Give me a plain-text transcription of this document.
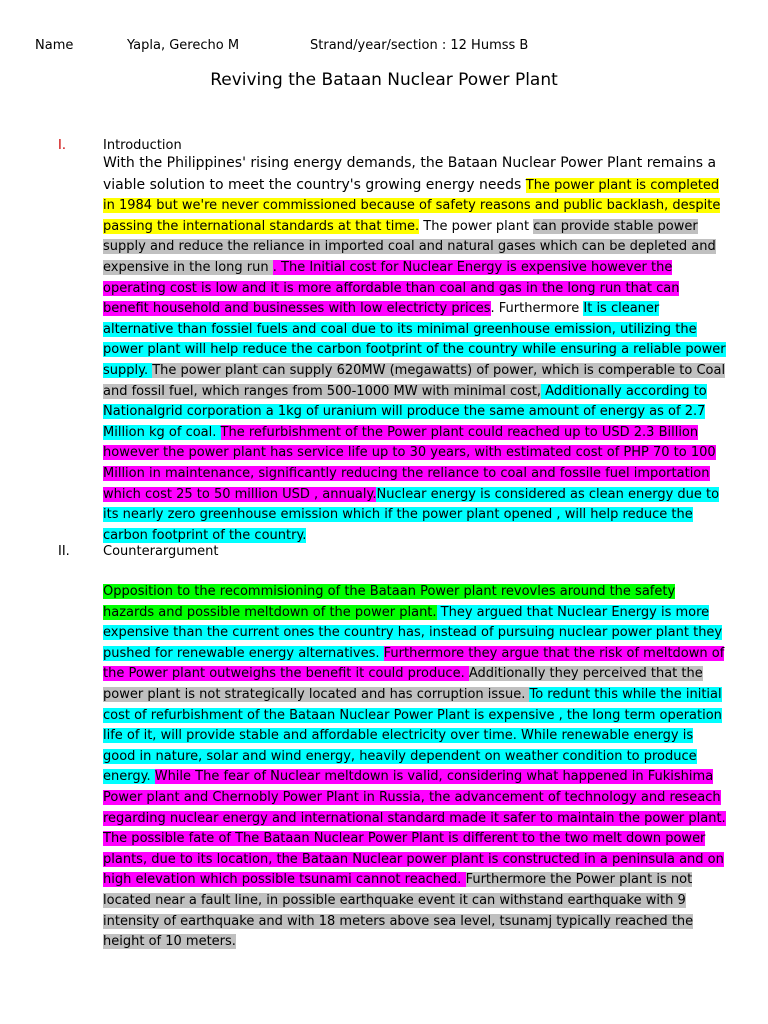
Name	Yapla, Gerecho M	Strand/year/section : 12 Humss B
Reviving the Bataan Nuclear Power Plant
I.	Introduction
With the Philippines' rising energy demands, the Bataan Nuclear Power Plant remains a viable solution to meet the country's growing energy needs The power plant is completed in 1984 but we're never commissioned because of safety reasons and public backlash, despite passing the international standards at that time. The power plant can provide stable power supply and reduce the reliance in imported coal and natural gases which can be depleted and expensive in the long run . The Initial cost for Nuclear Energy is expensive however the operating cost is low and it is more affordable than coal and gas in the long run that can benefit household and businesses with low electricty prices. Furthermore It is cleaner alternative than fossiel fuels and coal due to its minimal greenhouse emission, utilizing the power plant will help reduce the carbon footprint of the country while ensuring a reliable power supply. The power plant can supply 620MW (megawatts) of power, which is comperable to Coal and fossil fuel, which ranges from 500-1000 MW with minimal cost, Additionally according to Nationalgrid corporation a 1kg of uranium will produce the same amount of energy as of 2.7 Million kg of coal. The refurbishment of the Power plant could reached up to USD 2.3 Billion however the power plant has service life up to 30 years, with estimated cost of PHP 70 to 100 Million in maintenance, significantly reducing the reliance to coal and fossile fuel importation which cost 25 to 50 million USD , annualy.Nuclear energy is considered as clean energy due to its nearly zero greenhouse emission which if the power plant opened , will help reduce the carbon footprint of the country.
II.	Counterargument
Opposition to the recommisioning of the Bataan Power plant revovles around the safety hazards and possible meltdown of the power plant. They argued that Nuclear Energy is more expensive than the current ones the country has, instead of pursuing nuclear power plant they pushed for renewable energy alternatives. Furthermore they argue that the risk of meltdown of the Power plant outweighs the benefit it could produce. Additionally they perceived that the power plant is not strategically located and has corruption issue. To redunt this while the initial cost of refurbishment of the Bataan Nuclear Power Plant is expensive , the long term operation life of it, will provide stable and affordable electricity over time. While renewable energy is good in nature, solar and wind energy, heavily dependent on weather condition to produce energy. While The fear of Nuclear meltdown is valid, considering what happened in Fukishima Power plant and Chernobly Power Plant in Russia, the advancement of technology and reseach regarding nuclear energy and international standard made it safer to maintain the power plant. The possible fate of The Bataan Nuclear Power Plant is different to the two melt down power plants, due to its location, the Bataan Nuclear power plant is constructed in a peninsula and on high elevation which possible tsunami cannot reached. Furthermore the Power plant is not located near a fault line, in possible earthquake event it can withstand earthquake with 9 intensity of earthquake and with 18 meters above sea level, tsunamj typically reached the height of 10 meters.
